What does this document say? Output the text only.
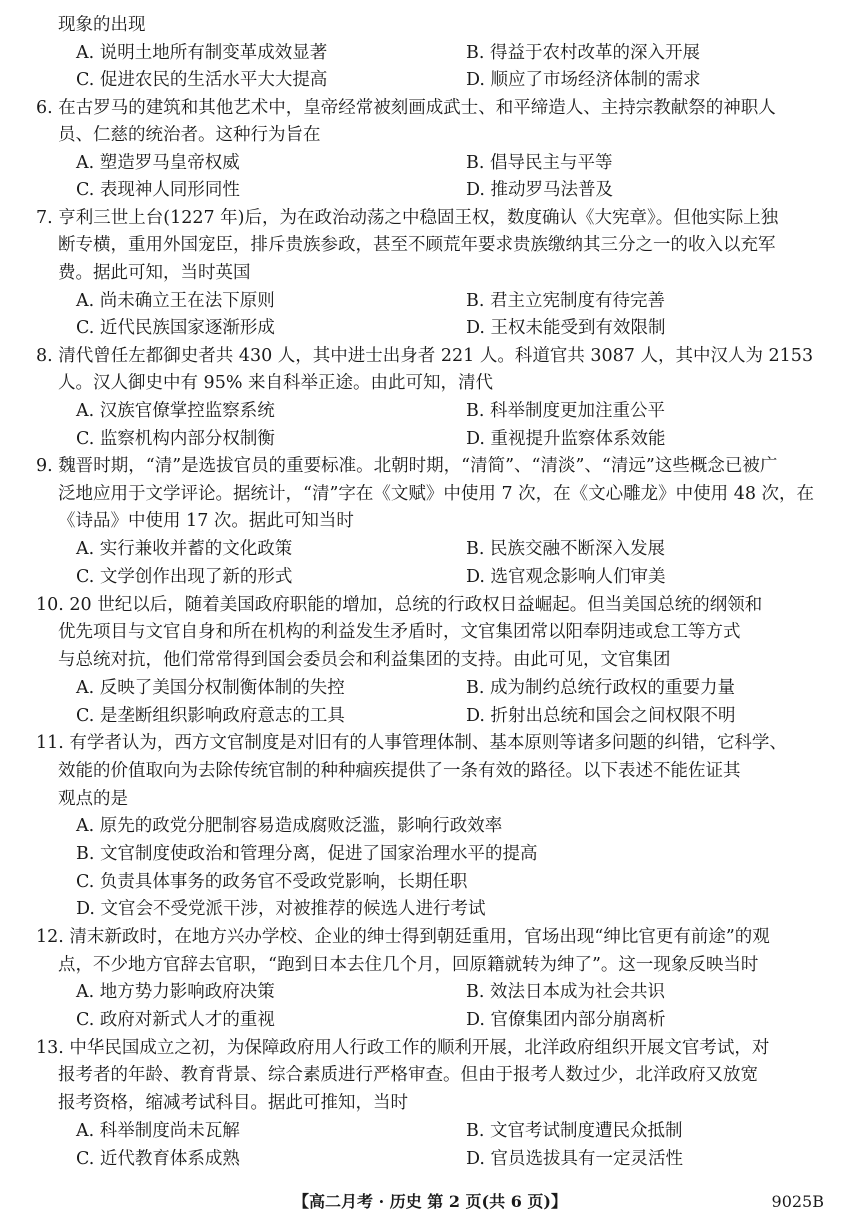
现象的出现
A. 说明土地所有制变革成效显著	B. 得益于农村改革的深入开展
C. 促进农民的生活水平大大提高	D. 顺应了市场经济体制的需求
6. 在古罗马的建筑和其他艺术中，皇帝经常被刻画成武士、和平缔造人、主持宗教献祭的神职人
员、仁慈的统治者。这种行为旨在
A. 塑造罗马皇帝权威	B. 倡导民主与平等
C. 表现神人同形同性	D. 推动罗马法普及
7. 亨利三世上台(1227 年)后，为在政治动荡之中稳固王权，数度确认《大宪章》。但他实际上独
断专横，重用外国宠臣，排斥贵族参政，甚至不顾荒年要求贵族缴纳其三分之一的收入以充军
费。据此可知，当时英国
A. 尚未确立王在法下原则	B. 君主立宪制度有待完善
C. 近代民族国家逐渐形成	D. 王权未能受到有效限制
8. 清代曾任左都御史者共 430 人，其中进士出身者 221 人。科道官共 3087 人，其中汉人为 2153
人。汉人御史中有 95% 来自科举正途。由此可知，清代
A. 汉族官僚掌控监察系统	B. 科举制度更加注重公平
C. 监察机构内部分权制衡	D. 重视提升监察体系效能
9. 魏晋时期，“清”是选拔官员的重要标准。北朝时期，“清简”、“清淡”、“清远”这些概念已被广
泛地应用于文学评论。据统计，“清”字在《文赋》中使用 7 次，在《文心雕龙》中使用 48 次，在
《诗品》中使用 17 次。据此可知当时
A. 实行兼收并蓄的文化政策	B. 民族交融不断深入发展
C. 文学创作出现了新的形式	D. 选官观念影响人们审美
10. 20 世纪以后，随着美国政府职能的增加，总统的行政权日益崛起。但当美国总统的纲领和
优先项目与文官自身和所在机构的利益发生矛盾时，文官集团常以阳奉阴违或怠工等方式
与总统对抗，他们常常得到国会委员会和利益集团的支持。由此可见，文官集团
A. 反映了美国分权制衡体制的失控	B. 成为制约总统行政权的重要力量
C. 是垄断组织影响政府意志的工具	D. 折射出总统和国会之间权限不明
11. 有学者认为，西方文官制度是对旧有的人事管理体制、基本原则等诸多问题的纠错，它科学、
效能的价值取向为去除传统官制的种种痼疾提供了一条有效的路径。以下表述不能佐证其
观点的是
A. 原先的政党分肥制容易造成腐败泛滥，影响行政效率
B. 文官制度使政治和管理分离，促进了国家治理水平的提高
C. 负责具体事务的政务官不受政党影响，长期任职
D. 文官会不受党派干涉，对被推荐的候选人进行考试
12. 清末新政时，在地方兴办学校、企业的绅士得到朝廷重用，官场出现“绅比官更有前途”的观
点，不少地方官辞去官职，“跑到日本去住几个月，回原籍就转为绅了”。这一现象反映当时
A. 地方势力影响政府决策	B. 效法日本成为社会共识
C. 政府对新式人才的重视	D. 官僚集团内部分崩离析
13. 中华民国成立之初，为保障政府用人行政工作的顺利开展，北洋政府组织开展文官考试，对
报考者的年龄、教育背景、综合素质进行严格审查。但由于报考人数过少，北洋政府又放宽
报考资格，缩减考试科目。据此可推知，当时
A. 科举制度尚未瓦解	B. 文官考试制度遭民众抵制
C. 近代教育体系成熟	D. 官员选拔具有一定灵活性
【高二月考 · 历史 第 2 页(共 6 页)】	9025B
